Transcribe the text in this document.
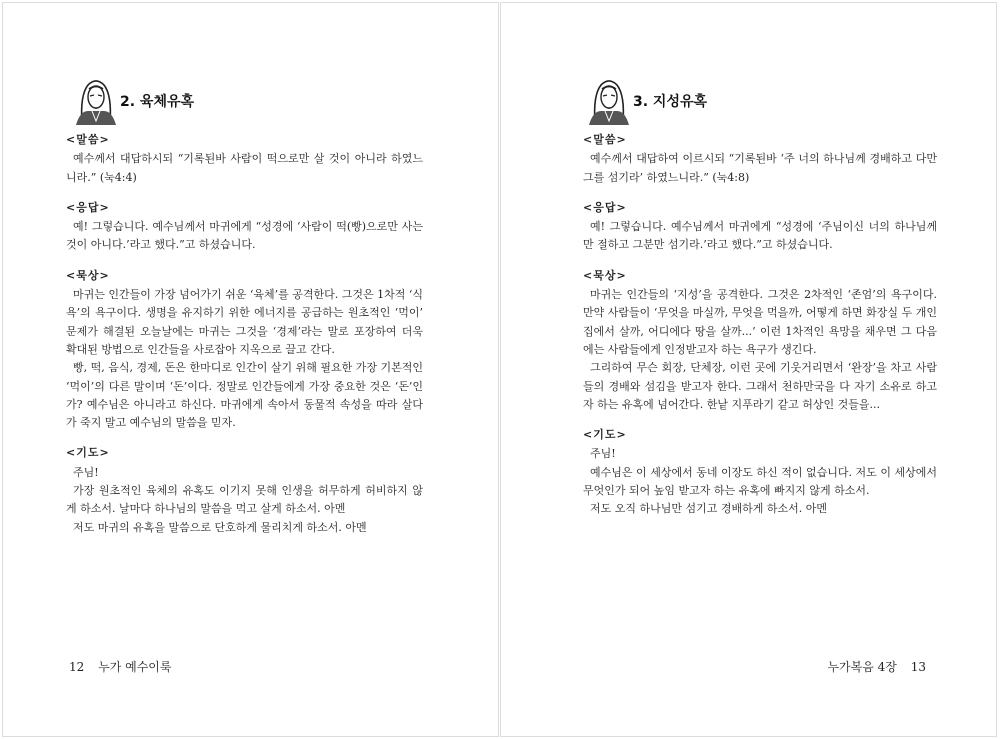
2. 육체유혹
12 누가 예수이룩
3. 지성유혹
누가복음 4장 13
<말씀>

예수께서 대답하시되 “기록된바 사람이 떡으로만 살 것이 아니라 하였느니라.” (눅4:4)

<응답>

예! 그렇습니다. 예수님께서 마귀에게 “성경에 ‘사람이 떡(빵)으로만 사는 것이 아니다.’라고 했다.”고 하셨습니다.

<묵상>

마귀는 인간들이 가장 넘어가기 쉬운 ‘육체’를 공격한다. 그것은 1차적 ‘식욕’의 욕구이다. 생명을 유지하기 위한 에너지를 공급하는 원초적인 ‘먹이’ 문제가 해결된 오늘날에는 마귀는 그것을 ‘경제’라는 말로 포장하여 더욱 확대된 방법으로 인간들을 사로잡아 지옥으로 끌고 간다.

빵, 떡, 음식, 경제, 돈은 한마디로 인간이 살기 위해 필요한 가장 기본적인 ‘먹이’의 다른 말이며 ‘돈’이다. 정말로 인간들에게 가장 중요한 것은 ‘돈’인가? 예수님은 아니라고 하신다. 마귀에게 속아서 동물적 속성을 따라 살다가 죽지 말고 예수님의 말씀을 믿자.

<기도>

주님!

가장 원초적인 육체의 유혹도 이기지 못해 인생을 허무하게 허비하지 않게 하소서. 날마다 하나님의 말씀을 먹고 살게 하소서. 아멘

저도 마귀의 유혹을 말씀으로 단호하게 물리치게 하소서. 아멘

<말씀>

예수께서 대답하여 이르시되 “기록된바 ‘주 너의 하나님께 경배하고 다만 그를 섬기라’ 하였느니라.” (눅4:8)

<응답>

예! 그렇습니다. 예수님께서 마귀에게 “성경에 ‘주님이신 너의 하나님께만 절하고 그분만 섬기라.’라고 했다.”고 하셨습니다.

<묵상>

마귀는 인간들의 ‘지성’을 공격한다. 그것은 2차적인 ‘존엄’의 욕구이다. 만약 사람들이 ‘무엇을 마실까, 무엇을 먹을까, 어떻게 하면 화장실 두 개인 집에서 살까, 어디에다 땅을 살까...’ 이런 1차적인 욕망을 채우면 그 다음에는 사람들에게 인정받고자 하는 욕구가 생긴다.

그리하여 무슨 회장, 단체장, 이런 곳에 기웃거리면서 ‘완장’을 차고 사람들의 경배와 섬김을 받고자 한다. 그래서 천하만국을 다 자기 소유로 하고자 하는 유혹에 넘어간다. 한낱 지푸라기 같고 허상인 것들을...

<기도>

주님!

예수님은 이 세상에서 동네 이장도 하신 적이 없습니다. 저도 이 세상에서 무엇인가 되어 높임 받고자 하는 유혹에 빠지지 않게 하소서.

저도 오직 하나님만 섬기고 경배하게 하소서. 아멘
